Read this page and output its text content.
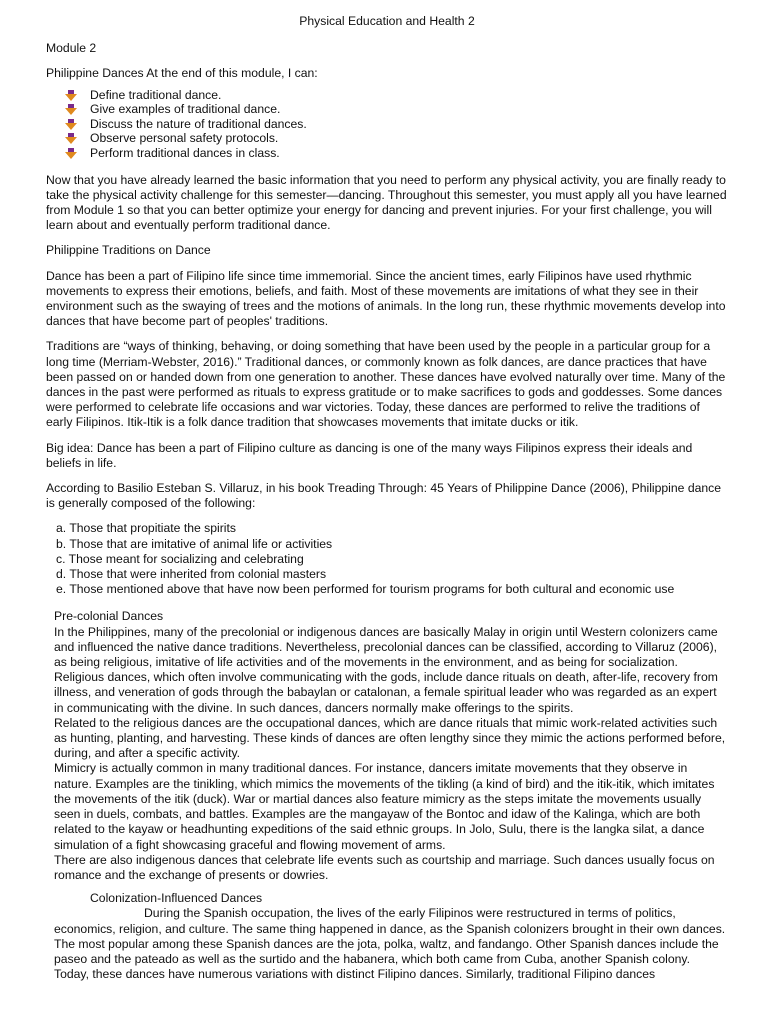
Physical Education and Health 2

Module 2

Philippine Dances At the end of this module, I can:

Define traditional dance.
Give examples of traditional dance.
Discuss the nature of traditional dances.
Observe personal safety protocols.
Perform traditional dances in class.

Now that you have already learned the basic information that you need to perform any physical activity, you are finally ready to take the physical activity challenge for this semester—dancing. Throughout this semester, you must apply all you have learned from Module 1 so that you can better optimize your energy for dancing and prevent injuries. For your first challenge, you will learn about and eventually perform traditional dance.

Philippine Traditions on Dance

Dance has been a part of Filipino life since time immemorial. Since the ancient times, early Filipinos have used rhythmic movements to express their emotions, beliefs, and faith. Most of these movements are imitations of what they see in their environment such as the swaying of trees and the motions of animals. In the long run, these rhythmic movements develop into dances that have become part of peoples' traditions.

Traditions are “ways of thinking, behaving, or doing something that have been used by the people in a particular group for a long time (Merriam-Webster, 2016).” Traditional dances, or commonly known as folk dances, are dance practices that have been passed on or handed down from one generation to another. These dances have evolved naturally over time. Many of the dances in the past were performed as rituals to express gratitude or to make sacrifices to gods and goddesses. Some dances were performed to celebrate life occasions and war victories. Today, these dances are performed to relive the traditions of early Filipinos. Itik-Itik is a folk dance tradition that showcases movements that imitate ducks or itik.

Big idea: Dance has been a part of Filipino culture as dancing is one of the many ways Filipinos express their ideals and beliefs in life.

According to Basilio Esteban S. Villaruz, in his book Treading Through: 45 Years of Philippine Dance (2006), Philippine dance is generally composed of the following:

a. Those that propitiate the spirits
b. Those that are imitative of animal life or activities
c. Those meant for socializing and celebrating
d. Those that were inherited from colonial masters
e. Those mentioned above that have now been performed for tourism programs for both cultural and economic use

Pre-colonial Dances

In the Philippines, many of the precolonial or indigenous dances are basically Malay in origin until Western colonizers came and influenced the native dance traditions. Nevertheless, precolonial dances can be classified, according to Villaruz (2006), as being religious, imitative of life activities and of the movements in the environment, and as being for socialization.

Religious dances, which often involve communicating with the gods, include dance rituals on death, after-life, recovery from illness, and veneration of gods through the babaylan or catalonan, a female spiritual leader who was regarded as an expert in communicating with the divine. In such dances, dancers normally make offerings to the spirits.

Related to the religious dances are the occupational dances, which are dance rituals that mimic work-related activities such as hunting, planting, and harvesting. These kinds of dances are often lengthy since they mimic the actions performed before, during, and after a specific activity.

Mimicry is actually common in many traditional dances. For instance, dancers imitate movements that they observe in nature. Examples are the tinikling, which mimics the movements of the tikling (a kind of bird) and the itik-itik, which imitates the movements of the itik (duck). War or martial dances also feature mimicry as the steps imitate the movements usually seen in duels, combats, and battles. Examples are the mangayaw of the Bontoc and idaw of the Kalinga, which are both related to the kayaw or headhunting expeditions of the said ethnic groups. In Jolo, Sulu, there is the langka silat, a dance simulation of a fight showcasing graceful and flowing movement of arms.

There are also indigenous dances that celebrate life events such as courtship and marriage. Such dances usually focus on romance and the exchange of presents or dowries.

Colonization-Influenced Dances

During the Spanish occupation, the lives of the early Filipinos were restructured in terms of politics, economics, religion, and culture. The same thing happened in dance, as the Spanish colonizers brought in their own dances. The most popular among these Spanish dances are the jota, polka, waltz, and fandango. Other Spanish dances include the paseo and the pateado as well as the surtido and the habanera, which both came from Cuba, another Spanish colony. Today, these dances have numerous variations with distinct Filipino dances. Similarly, traditional Filipino dances
